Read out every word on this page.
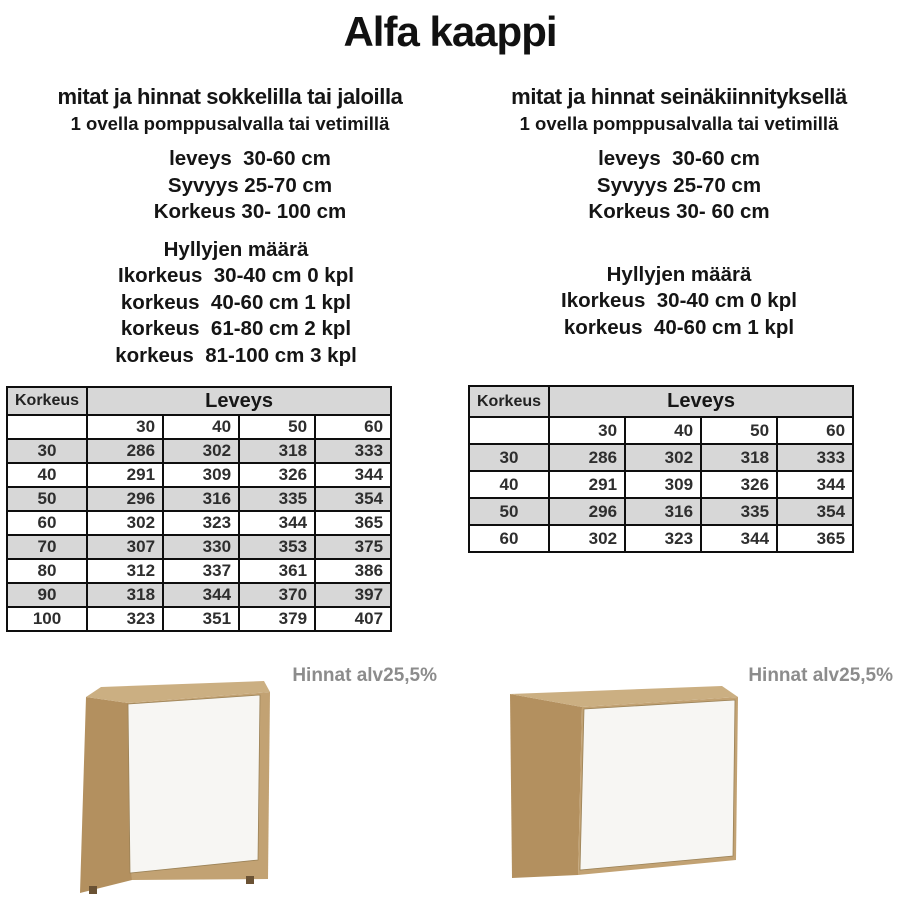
Alfa kaappi
mitat ja hinnat sokkelilla tai jaloilla
1 ovella pomppusalvalla tai vetimillä
leveys  30-60 cm
Syvyys 25-70 cm
Korkeus 30- 100 cm
Hyllyjen määrä
Ikorkeus  30-40 cm 0 kpl
korkeus  40-60 cm 1 kpl
korkeus  61-80 cm 2 kpl
korkeus  81-100 cm 3 kpl
mitat ja hinnat seinäkiinnityksellä
1 ovella pomppusalvalla tai vetimillä
leveys  30-60 cm
Syvyys 25-70 cm
Korkeus 30- 60 cm
Hyllyjen määrä
Ikorkeus  30-40 cm 0 kpl
korkeus  40-60 cm 1 kpl
Korkeus	Leveys			
	30	40	50	60
30	286	302	318	333
40	291	309	326	344
50	296	316	335	354
60	302	323	344	365
70	307	330	353	375
80	312	337	361	386
90	318	344	370	397
100	323	351	379	407
Korkeus	Leveys			
	30	40	50	60
30	286	302	318	333
40	291	309	326	344
50	296	316	335	354
60	302	323	344	365
Hinnat alv25,5%	Hinnat alv25,5%
